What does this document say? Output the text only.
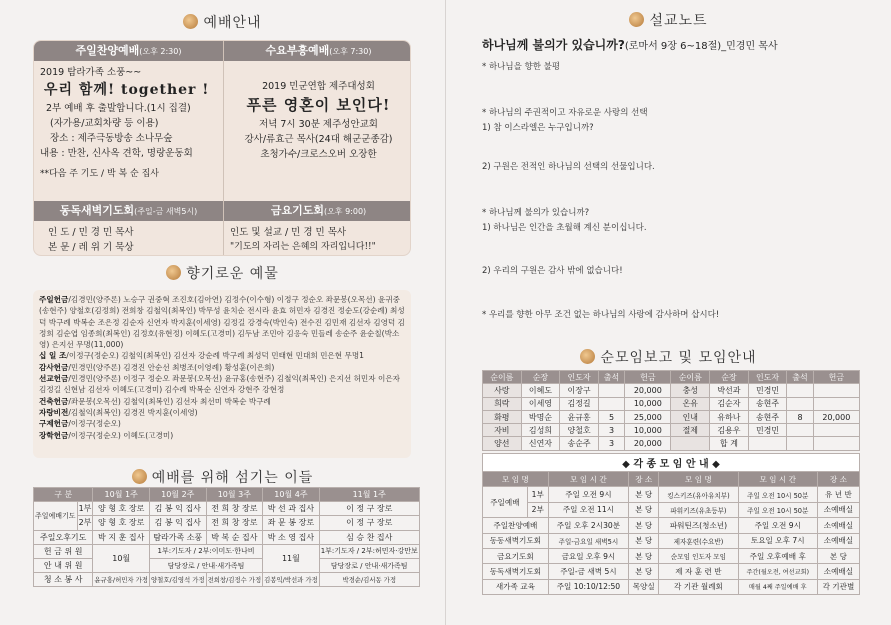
예배안내
주일찬양예배(오후 2:30)
2019 탐라가족 소풍~~
우리 함께! together !
2부 예배 후 출발합니다.(1시 집결)
(자가용/교회차량 등 이용)
장소 : 제주극동방송 소나무숲
내용 : 만찬, 신사옥 견학, 명랑운동회
**다음 주 기도 / 박 복 순 집사
수요부흥예배(오후 7:30)
2019 민군연합 제주대성회
푸른 영혼이 보인다!
저녁 7시 30분 제주성안교회
강사/류효근 목사(24대 해군군종감)
초청가수/크로스오버 오장한
동독새벽기도회(주일-금 새벽5시)
인 도 / 민 경 민 목사
본 문 / 레 위 기 묵상
금요기도회(오후 9:00)
인도 및 설교 / 민 경 민 목사
"기도의 자리는 은혜의 자리입니다!!"
향기로운 예물
주일헌금/김경민(양주론) 노승구 권중혁 조진호(김아연) 김정수(이수형) 이정구 정순오 좌문봉(오목선) 윤귀중(송현주) 양철호(김정희) 전희창 김철익(최복인) 박무성 윤치순 전시라 윤효 허민자 김경진 정순도(강순례) 최성덕 박구례 박복순 조은정 김순자 신연자 박지훈(이세영) 김정길 강경숙(박인숙) 전수진 김민재 김선자 김영덕 김정희 김순엽 임종희(최복인) 김정호(유현정) 이혜도(고경미) 김두남 조민아 김응숙 민들레 송순주 윤순칠(박소영) 은지선 무명(11,000)
십 일 조/이정구(정순오) 김철익(최복인) 김선자 강순례 박구례 최성덕 민태현 민대희 민은현 무명1
감사헌금/민경민(양주론) 김경진 안순선 최병조(이영례) 황성훈(이은희)
선교헌금/민경민(양주론) 이정구 정순오 좌문봉(오목선) 윤규홍(송현주) 김철익(최복인) 은지선 허민자 이은자 김정길 신현남 김선자 이혜도(고경미) 김수례 박복순 신연자 강현주 강현정
건축헌금/좌문봉(오목선) 김철익(최복인) 김선자 최선미 박복순 박구례
자랑비전/김철익(최복인) 김경진 박지훈(이세영)
구제헌금/이정구(정순오)
장학헌금/이정구(정순오) 이혜도(고경미)
예배를 위해 섬기는 이들
구 분		10월 1주	10월 2주	10월 3주	10월 4주	11월 1주
주일예배기도	1부	양 형 호 장로	김 봉 익 집사	전 희 창 장로	박 선 과 집사	이 정 구 장로
	2부	양 형 호 장로	김 봉 익 집사	전 희 창 장로	좌 문 봉 장로	이 정 구 장로
주일오후기도		박 지 훈 집사	탐라가족 소풍	박 복 순 집사	박 소 영 집사	심 승 찬 집사
헌 금 위 원		10월	1부:기도자 / 2부:이미도·한나비		11월	1부:기도자 / 2부:허민자·강만보
안 내 위 원			담당장로 / 안내·새가족팀			담당장로 / 안내·새가족팀
청 소 봉 사		윤규홍/허민자 가정	양철호/김영석 가정	전희창/김정수 가정	김봉익/박선과 가정	박경순/김서동 가정
설교노트
하나님께 불의가 있습니까?(로마서 9장 6~18절)_민경민 목사
* 하나님을 향한 불평
* 하나님의 주권적이고 자유로운 사랑의 선택
1) 참 이스라엘은 누구입니까?
2) 구원은 전적인 하나님의 선택의 선물입니다.
* 하나님께 불의가 있습니까?
1) 하나님은 인간을 초월해 계신 분이십니다.
2) 우리의 구원은 감사 밖에 없습니다!
* 우리를 향한 아무 조건 없는 하나님의 사랑에 감사하며 삽시다!
순모임보고 및 모임안내
순이름	순장	인도자	출석	헌금	순이름	순장	인도자	출석	헌금
사랑	이혜도	이장구		20,000	충성	박선과	민경민		
희락	이세영	김정길		10,000	온유	김순자	송현주		
화평	박명순	윤규홍	5	25,000	인내	유하나	송현주	8	20,000
자비	김성희	양철호	3	10,000	절제	김용우	민경민		
양선	신연자	송순주	3	20,000		합 계			
◆ 각 종 모 임 안 내 ◆						
모 임 명		모 임 시 간	장 소	모 임 명	모 임 시 간	장 소
주일예배	1부	주일 오전 9시	본 당	킹스키즈(유아유치부)	주일 오전 10시 50분	유 년 반
	2부	주일 오전 11시	본 당	파워키즈(유초등부)	주일 오전 10시 50분	소예배실
주일찬양예배		주일 오후 2시30분	본 당	파워틴즈(청소년)	주일 오전 9시	소예배실
동동새벽기도회		주일-금요일 새벽5시	본 당	제자훈련(수요반)	토요일 오후 7시	소예배실
금요기도회		금요일 오후 9시	본 당	순모임 인도자 모임	주일 오후예배 후	본 당
동독새벽기도회		주일-금 새벽 5시	본 당	제 자 훈 련 반	주간(월오전, 여선교회)	소예배실
새가족 교육		주일 10:10/12:50	목양실	각 기관 월례회	매월 4째 주일예배 후	각 기관별
